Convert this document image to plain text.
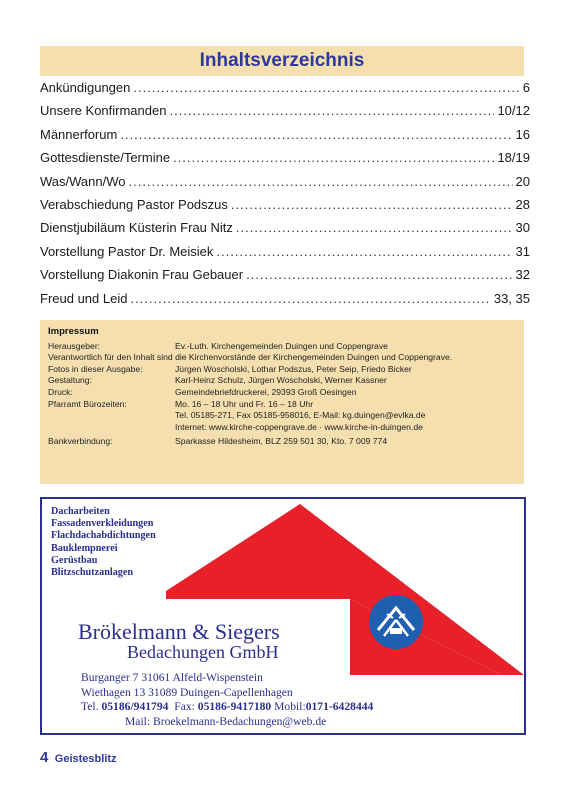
Inhaltsverzeichnis
Ankündigungen .....	6
Unsere Konfirmanden .....	10/12
Männerforum .....	16
Gottesdienste/Termine .....	18/19
Was/Wann/Wo .....	20
Verabschiedung Pastor Podszus .....	28
Dienstjubiläum Küsterin Frau Nitz .....	30
Vorstellung Pastor Dr. Meisiek .....	31
Vorstellung Diakonin Frau Gebauer .....	32
Freud und Leid .....	33, 35
Impressum
Herausgeber:	Ev.-Luth. Kirchengemeinden Duingen und Coppengrave
Verantwortlich für den Inhalt sind die Kirchenvorstände der Kirchengemeinden Duingen und Coppengrave.
Fotos in dieser Ausgabe:	Jürgen Woscholski, Lothar Podszus, Peter Seip, Friedo Bicker
Gestaltung:	Karl-Heinz Schulz, Jürgen Woscholski, Werner Kassner
Druck:	Gemeindebriefdruckerei, 29393 Groß Oesingen
Pfarramt Bürozeiten:	Mo. 16 – 18 Uhr und Fr. 16 – 18 Uhr
Tel. 05185-271, Fax 05185-958016, E-Mail: kg.duingen@evlka.de
Internet: www.kirche-coppengrave.de · www.kirche-in-duingen.de
Bankverbindung:	Sparkasse Hildesheim, BLZ 259 501 30, Kto. 7 009 774
Dacharbeiten
Fassadenverkleidungen
Flachdachabdichtungen
Bauklempnerei
Gerüstbau
Blitzschutzanlagen
Brökelmann & Siegers
Bedachungen GmbH
Burganger 7 31061 Alfeld-Wispenstein
Wiethagen 13 31089 Duingen-Capellenhagen
Tel. 05186/941794 Fax: 05186-9417180 Mobil:0171-6428444
Mail: Broekelmann-Bedachungen@web.de
4 Geistesblitz
